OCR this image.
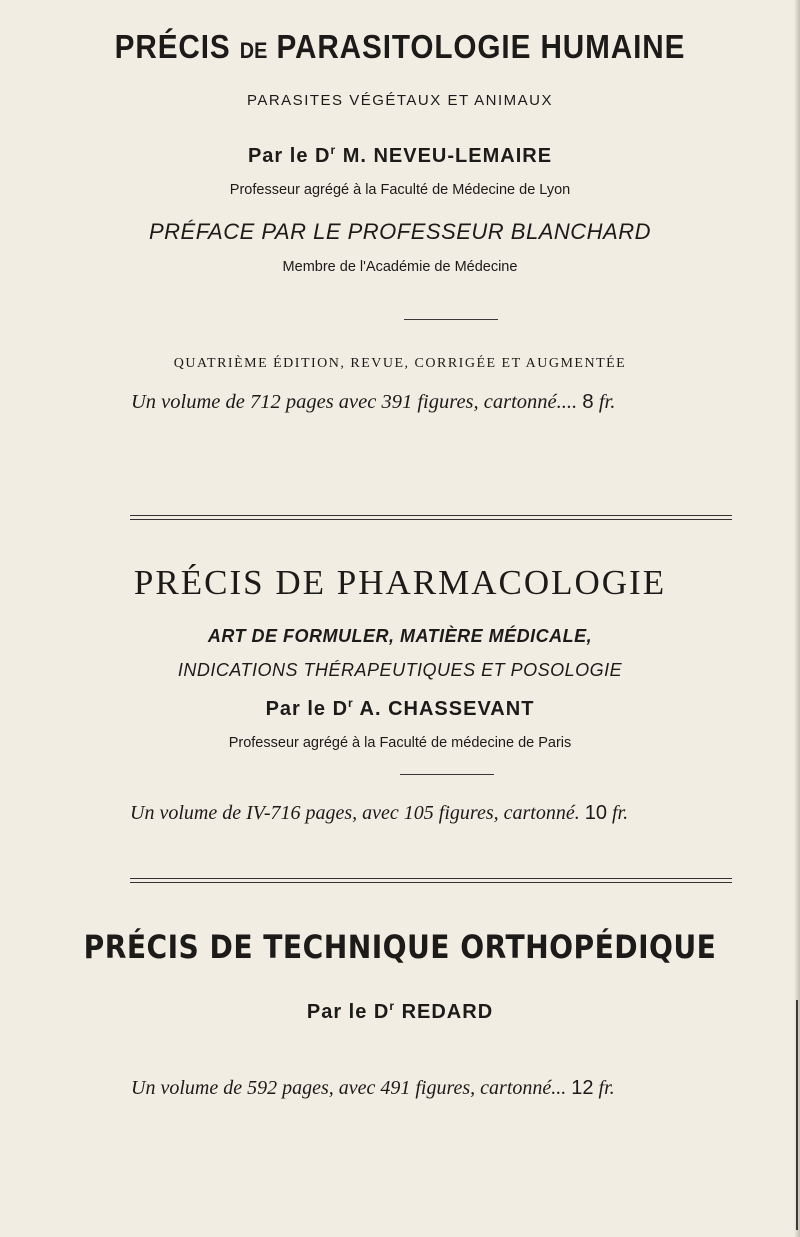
PRÉCIS DE PARASITOLOGIE HUMAINE
PARASITES VÉGÉTAUX ET ANIMAUX
Par le $D^r$ M. NEVEU-LEMAIRE
Professeur agrégé à la Faculté de Médecine de Lyon
PRÉFACE PAR LE PROFESSEUR BLANCHARD
Membre de l'Académie de Médecine
QUATRIÈME ÉDITION, REVUE, CORRIGÉE ET AUGMENTÉE
Un volume de 712 pages avec 391 figures, cartonné.... 8 fr.
PRÉCIS DE PHARMACOLOGIE
ART DE FORMULER, MATIÈRE MÉDICALE,
INDICATIONS THÉRAPEUTIQUES ET POSOLOGIE
Par le $D^r$ A. CHASSEVANT
Professeur agrégé à la Faculté de médecine de Paris
Un volume de IV-716 pages, avec 105 figures, cartonné. 10 fr.
PRÉCIS DE TECHNIQUE ORTHOPÉDIQUE
Par le $D^r$ REDARD
Un volume de 592 pages, avec 491 figures, cartonné... 12 fr.
